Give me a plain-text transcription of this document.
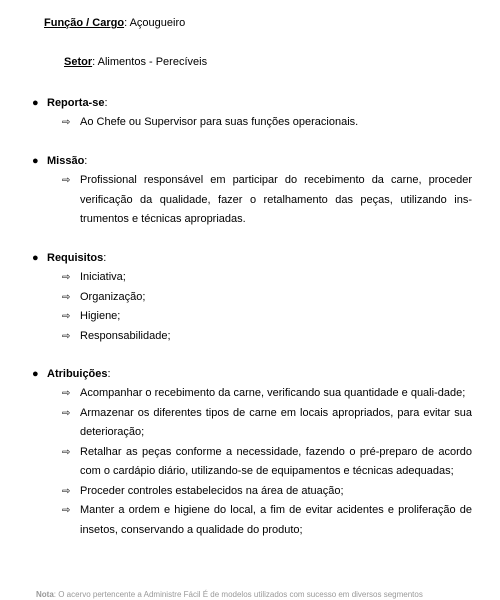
Função / Cargo: Açougueiro
Setor: Alimentos - Perecíveis
● Reporta-se:
⇨ Ao Chefe ou Supervisor para suas funções operacionais.
● Missão:
⇨ Profissional responsável em participar do recebimento da carne, proceder verificação da qualidade, fazer o retalhamento das peças, utilizando ins-trumentos e técnicas apropriadas.
● Requisitos:
⇨ Iniciativa;
⇨ Organização;
⇨ Higiene;
⇨ Responsabilidade;
● Atribuições:
⇨ Acompanhar o recebimento da carne, verificando sua quantidade e quali-dade;
⇨ Armazenar os diferentes tipos de carne em locais apropriados, para evitar sua deterioração;
⇨ Retalhar as peças conforme a necessidade, fazendo o pré-preparo de acordo com o cardápio diário, utilizando-se de equipamentos e técnicas adequadas;
⇨ Proceder controles estabelecidos na área de atuação;
⇨ Manter a ordem e higiene do local, a fim de evitar acidentes e proliferação de insetos, conservando a qualidade do produto;
Nota: O acervo pertencente a Administre Fácil É de modelos utilizados com sucesso em diversos segmentos
